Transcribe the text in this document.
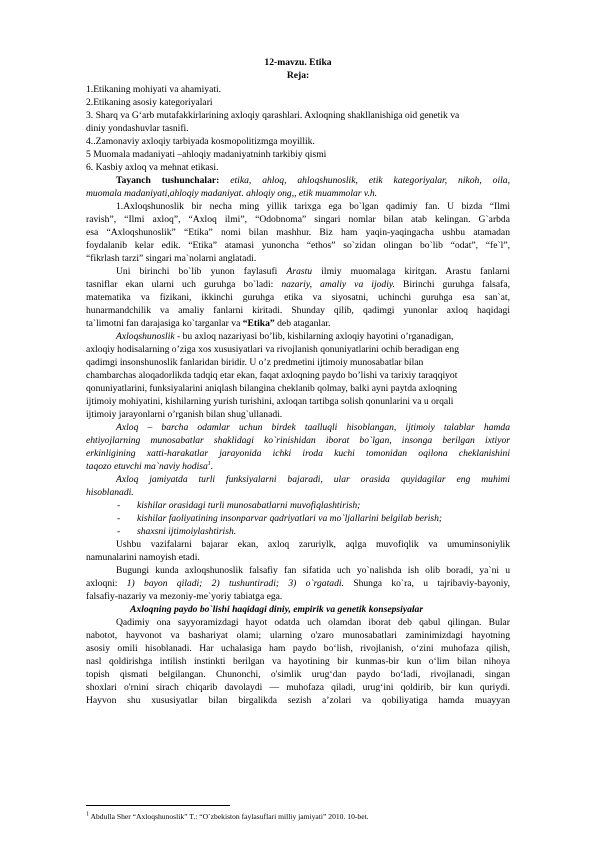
12-mavzu. Etika
Reja:
1.Etikaning mohiyati va ahamiyati.
2.Etikaning asosiy kategoriyalari
3. Sharq va G‘arb mutafakkirlarining axloqiy qarashlari. Axloqning shakllanishiga oid genetik va
diniy yondashuvlar tasnifi.
4..Zamonaviy axloqiy tarbiyada kosmopolitizmga moyillik.
5 Muomala madaniyati –ahloqiy madaniyatninh tarkibiy qismi
6. Kasbiy axloq va mehnat etikasi.
Tayanch tushunchalar: etika, ahloq, ahloqshunoslik, etik kategoriyalar, nikoh, oila,
muomala madaniyati,ahloqiy madaniyat. ahloqiy ong,, etik muammolar v.h.
1.Axloqshunoslik bir necha ming yillik tarixga ega bo`lgan qadimiy fan. U bizda “Ilmi
ravish”, “Ilmi axloq”, “Axloq ilmi”, “Odobnoma” singari nomlar bilan atab kelingan. G`arbda
esa “Axloqshunoslik” “Etika” nomi bilan mashhur. Biz ham yaqin-yaqingacha ushbu atamadan
foydalanib kelar edik. “Etika” atamasi yunoncha “ethos” so`zidan olingan bo`lib “odat”, “fe`l”,
“fikrlash tarzi” singari ma`nolarni anglatadi.
Uni birinchi bo`lib yunon faylasufi Arastu ilmiy muomalaga kiritgan. Arastu fanlarni
tasniflar ekan ularni uch guruhga bo`ladi: nazariy, amaliy va ijodiy. Birinchi guruhga falsafa,
matematika va fizikani, ikkinchi guruhga etika va siyosatni, uchinchi guruhga esa san`at,
hunarmandchilik va amaliy fanlarni kiritadi. Shunday qilib, qadimgi yunonlar axloq haqidagi
ta`limotni fan darajasiga ko`targanlar va “Etika” deb ataganlar.
Axloqshunoslik - bu axloq nazariyasi bo’lib, kishilarning axloqiy hayotini o’rganadigan,
axloqiy hodisalarning o’ziga xos xususiyatlari va rivojlanish qonuniyatlarini ochib beradigan eng
qadimgi insonshunoslik fanlaridan biridir. U o’z predmetini ijtimoiy munosabatlar bilan
chambarchas aloqadorlikda tadqiq etar ekan, faqat axloqning paydo bo’lishi va tarixiy taraqqiyot
qonuniyatlarini, funksiyalarini aniqlash bilangina cheklanib qolmay, balki ayni paytda axloqning
ijtimoiy mohiyatini, kishilarning yurish turishini, axloqan tartibga solish qonunlarini va u orqali
ijtimoiy jarayonlarni o’rganish bilan shug`ullanadi.
Axloq – barcha odamlar uchun birdek taalluqli hisoblangan, ijtimoiy talablar hamda
ehtiyojlarning munosabatlar shaklidagi ko`rinishidan iborat bo`lgan, insonga berilgan ixtiyor
erkinligining xatti-harakatlar jarayonida ichki iroda kuchi tomonidan oqilona cheklanishini
taqozo etuvchi ma`naviy hodisa$^1$.
Axloq jamiyatda turli funksiyalarni bajaradi, ular orasida quyidagilar eng muhimi
hisoblanadi.
-	kishilar orasidagi turli munosabatlarni muvofiqlashtirish;
-	kishilar faoliyatining insonparvar qadriyatlari va mo`ljallarini belgilab berish;
-	shaxsni ijtimoiylashtirish.
Ushbu vazifalarni bajarar ekan, axloq zaruriylk, aqlga muvofiqlik va umuminsoniylik
namunalarini namoyish etadi.
Bugungi kunda axloqshunoslik falsafiy fan sifatida uch yo`nalishda ish olib boradi, ya`ni u
axloqni: 1) bayon qiladi; 2) tushuntiradi; 3) o`rgatadi. Shunga ko`ra, u tajribaviy-bayoniy,
falsafiy-nazariy va mezoniy-me`yoriy tabiatga ega.
Axloqning paydo bo`lishi haqidagi diniy, empirik va genetik konsepsiyalar
Qadimiy ona sayyoramizdagi hayot odatda uch olamdan iborat deb qabul qilingan. Bular
nabotot, hayvonot va bashariyat olami; ularning o'zaro munosabatlari zaminimizdagi hayotning
asosiy omili hisoblanadi. Har uchalasiga ham paydo bo‘lish, rivojlanish, o‘zini muhofaza qilish,
nasl qoldirishga intilish instinkti berilgan va hayotining bir kunmas-bir kun o‘lim bilan nihoya
topish qismati belgilangan. Chunonchi, o'simlik urug‘dan paydo bo‘ladi, rivojlanadi, singan
shoxlari o'rnini sirach chiqarib davolaydi — muhofaza qiladi, urug‘ini qoldirib, bir kun quriydi.
Hayvon shu xususiyatlar bilan birgalikda sezish a’zolari va qobiliyatiga hamda muayyan
$^1$ Abdulla Sher “Axloqshunoslik” T.: “O`zbekiston faylasuflari milliy jamiyati” 2010. 10-bet.
